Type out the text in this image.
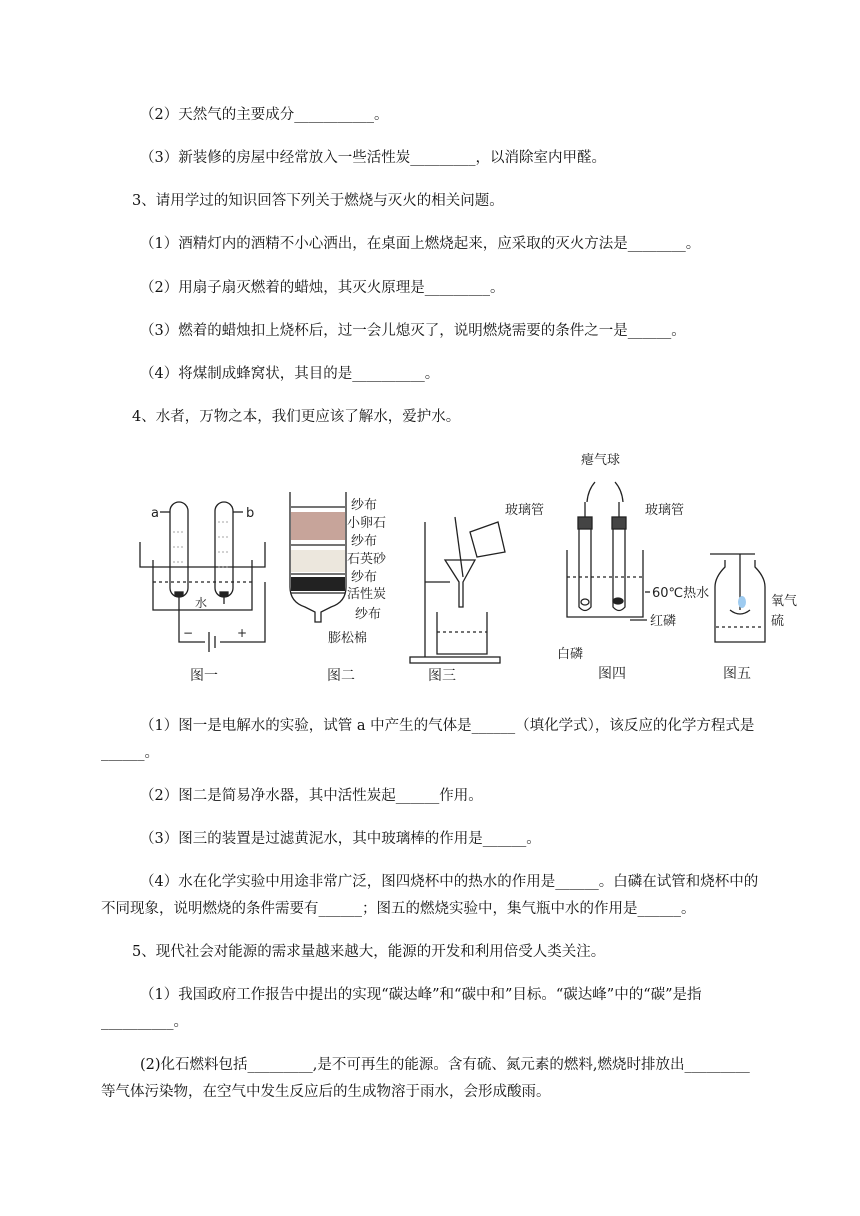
（2）天然气的主要成分___________。
（3）新装修的房屋中经常放入一些活性炭_________，以消除室内甲醛。
3、请用学过的知识回答下列关于燃烧与灭火的相关问题。
（1）酒精灯内的酒精不小心洒出，在桌面上燃烧起来，应采取的灭火方法是________。
（2）用扇子扇灭燃着的蜡烛，其灭火原理是_________。
（3）燃着的蜡烛扣上烧杯后，过一会儿熄灭了，说明燃烧需要的条件之一是______。
（4）将煤制成蜂窝状，其目的是__________。
4、水者，万物之本，我们更应该了解水，爱护水。
a	b
水
−	+
图一
纱布
小卵石
纱布
石英砂
纱布
活性炭
纱布
膨松棉
图二	图三
瘪气球
玻璃管	玻璃管
60℃热水
红磷
白磷
图四
氧气
硫
图五
（1）图一是电解水的实验，试管 a 中产生的气体是______（填化学式），该反应的化学方程式是
______。
（2）图二是简易净水器，其中活性炭起______作用。
（3）图三的装置是过滤黄泥水，其中玻璃棒的作用是______。
（4）水在化学实验中用途非常广泛，图四烧杯中的热水的作用是______。白磷在试管和烧杯中的
不同现象，说明燃烧的条件需要有______；图五的燃烧实验中，集气瓶中水的作用是______。
5、现代社会对能源的需求量越来越大，能源的开发和利用倍受人类关注。
（1）我国政府工作报告中提出的实现“碳达峰”和“碳中和”目标。“碳达峰”中的“碳”是指
__________。
(2)化石燃料包括_________,是不可再生的能源。含有硫、氮元素的燃料,燃烧时排放出_________
等气体污染物，在空气中发生反应后的生成物溶于雨水，会形成酸雨。
